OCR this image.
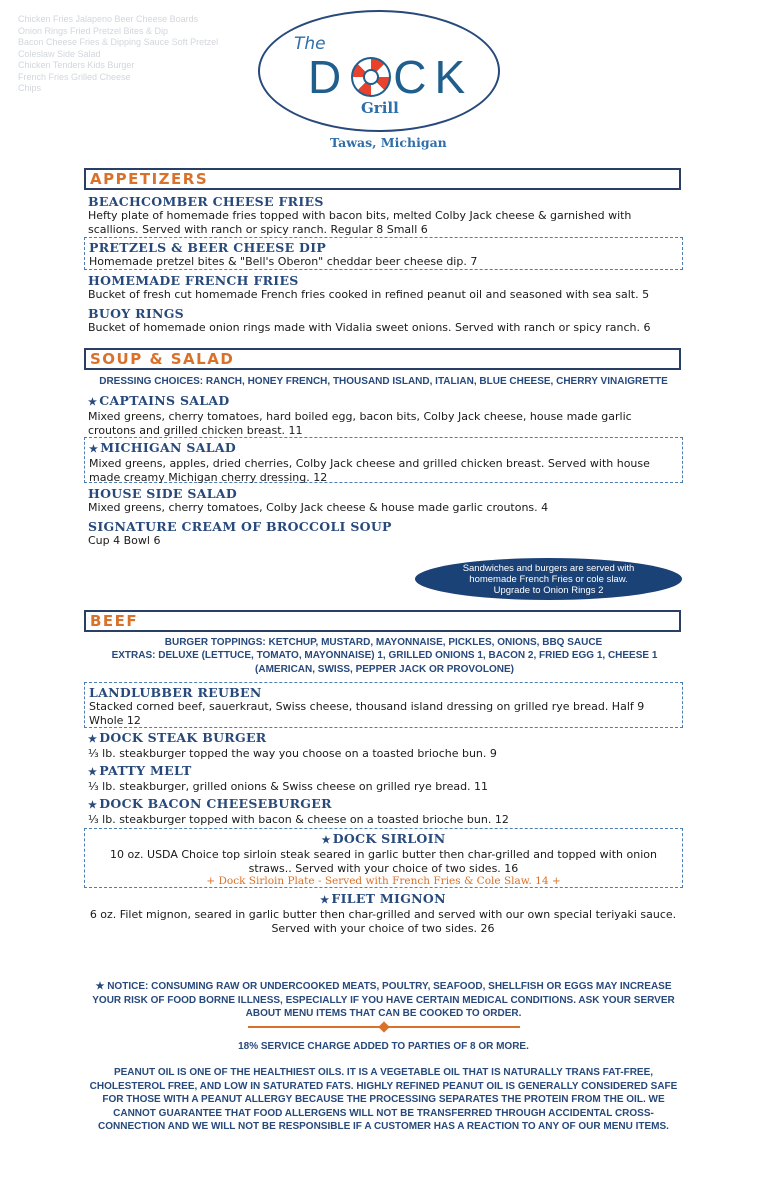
Chicken Fries Jalapeno Beer Cheese Boards
Onion Rings Fried Pretzel Bites & Dip
Bacon Cheese Fries & Dipping Sauce Soft Pretzel
Coleslaw Side Salad
Chicken Tenders Kids Burger
French Fries Grilled Cheese
Chips
The
D CK
Grill
Tawas, Michigan
APPETIZERS
BEACHCOMBER CHEESE FRIES
Hefty plate of homemade fries topped with bacon bits, melted Colby Jack cheese & garnished with scallions. Served with ranch or spicy ranch. Regular 8 Small 6
PRETZELS & BEER CHEESE DIP
Homemade pretzel bites & "Bell's Oberon" cheddar beer cheese dip. 7
HOMEMADE FRENCH FRIES
Bucket of fresh cut homemade French fries cooked in refined peanut oil and seasoned with sea salt. 5
BUOY RINGS
Bucket of homemade onion rings made with Vidalia sweet onions. Served with ranch or spicy ranch. 6
SOUP & SALAD
DRESSING CHOICES: RANCH, HONEY FRENCH, THOUSAND ISLAND, ITALIAN, BLUE CHEESE, CHERRY VINAIGRETTE
★ CAPTAINS SALAD
Mixed greens, cherry tomatoes, hard boiled egg, bacon bits, Colby Jack cheese, house made garlic croutons and grilled chicken breast. 11
★ MICHIGAN SALAD
Mixed greens, apples, dried cherries, Colby Jack cheese and grilled chicken breast. Served with house made creamy Michigan cherry dressing. 12
HOUSE SIDE SALAD
Mixed greens, cherry tomatoes, Colby Jack cheese & house made garlic croutons. 4
SIGNATURE CREAM OF BROCCOLI SOUP
Cup 4 Bowl 6
Sandwiches and burgers are served with
homemade French Fries or cole slaw.
Upgrade to Onion Rings 2
BEEF
BURGER TOPPINGS: KETCHUP, MUSTARD, MAYONNAISE, PICKLES, ONIONS, BBQ SAUCE
EXTRAS: DELUXE (LETTUCE, TOMATO, MAYONNAISE) 1, GRILLED ONIONS 1, BACON 2, FRIED EGG 1, CHEESE 1 (AMERICAN, SWISS, PEPPER JACK OR PROVOLONE)
LANDLUBBER REUBEN
Stacked corned beef, sauerkraut, Swiss cheese, thousand island dressing on grilled rye bread. Half 9 Whole 12
★ DOCK STEAK BURGER
⅓ lb. steakburger topped the way you choose on a toasted brioche bun. 9
★ PATTY MELT
⅓ lb. steakburger, grilled onions & Swiss cheese on grilled rye bread. 11
★ DOCK BACON CHEESEBURGER
⅓ lb. steakburger topped with bacon & cheese on a toasted brioche bun. 12
★ DOCK SIRLOIN
10 oz. USDA Choice top sirloin steak seared in garlic butter then char-grilled and topped with onion straws.. Served with your choice of two sides. 16
+ Dock Sirloin Plate - Served with French Fries & Cole Slaw. 14 +
★ FILET MIGNON
6 oz. Filet mignon, seared in garlic butter then char-grilled and served with our own special teriyaki sauce. Served with your choice of two sides. 26
★ NOTICE: CONSUMING RAW OR UNDERCOOKED MEATS, POULTRY, SEAFOOD, SHELLFISH OR EGGS MAY INCREASE YOUR RISK OF FOOD BORNE ILLNESS, ESPECIALLY IF YOU HAVE CERTAIN MEDICAL CONDITIONS. ASK YOUR SERVER ABOUT MENU ITEMS THAT CAN BE COOKED TO ORDER.
18% SERVICE CHARGE ADDED TO PARTIES OF 8 OR MORE.
PEANUT OIL IS ONE OF THE HEALTHIEST OILS. IT IS A VEGETABLE OIL THAT IS NATURALLY TRANS FAT-FREE, CHOLESTEROL FREE, AND LOW IN SATURATED FATS. HIGHLY REFINED PEANUT OIL IS GENERALLY CONSIDERED SAFE FOR THOSE WITH A PEANUT ALLERGY BECAUSE THE PROCESSING SEPARATES THE PROTEIN FROM THE OIL. WE CANNOT GUARANTEE THAT FOOD ALLERGENS WILL NOT BE TRANSFERRED THROUGH ACCIDENTAL CROSS-CONNECTION AND WE WILL NOT BE RESPONSIBLE IF A CUSTOMER HAS A REACTION TO ANY OF OUR MENU ITEMS.
